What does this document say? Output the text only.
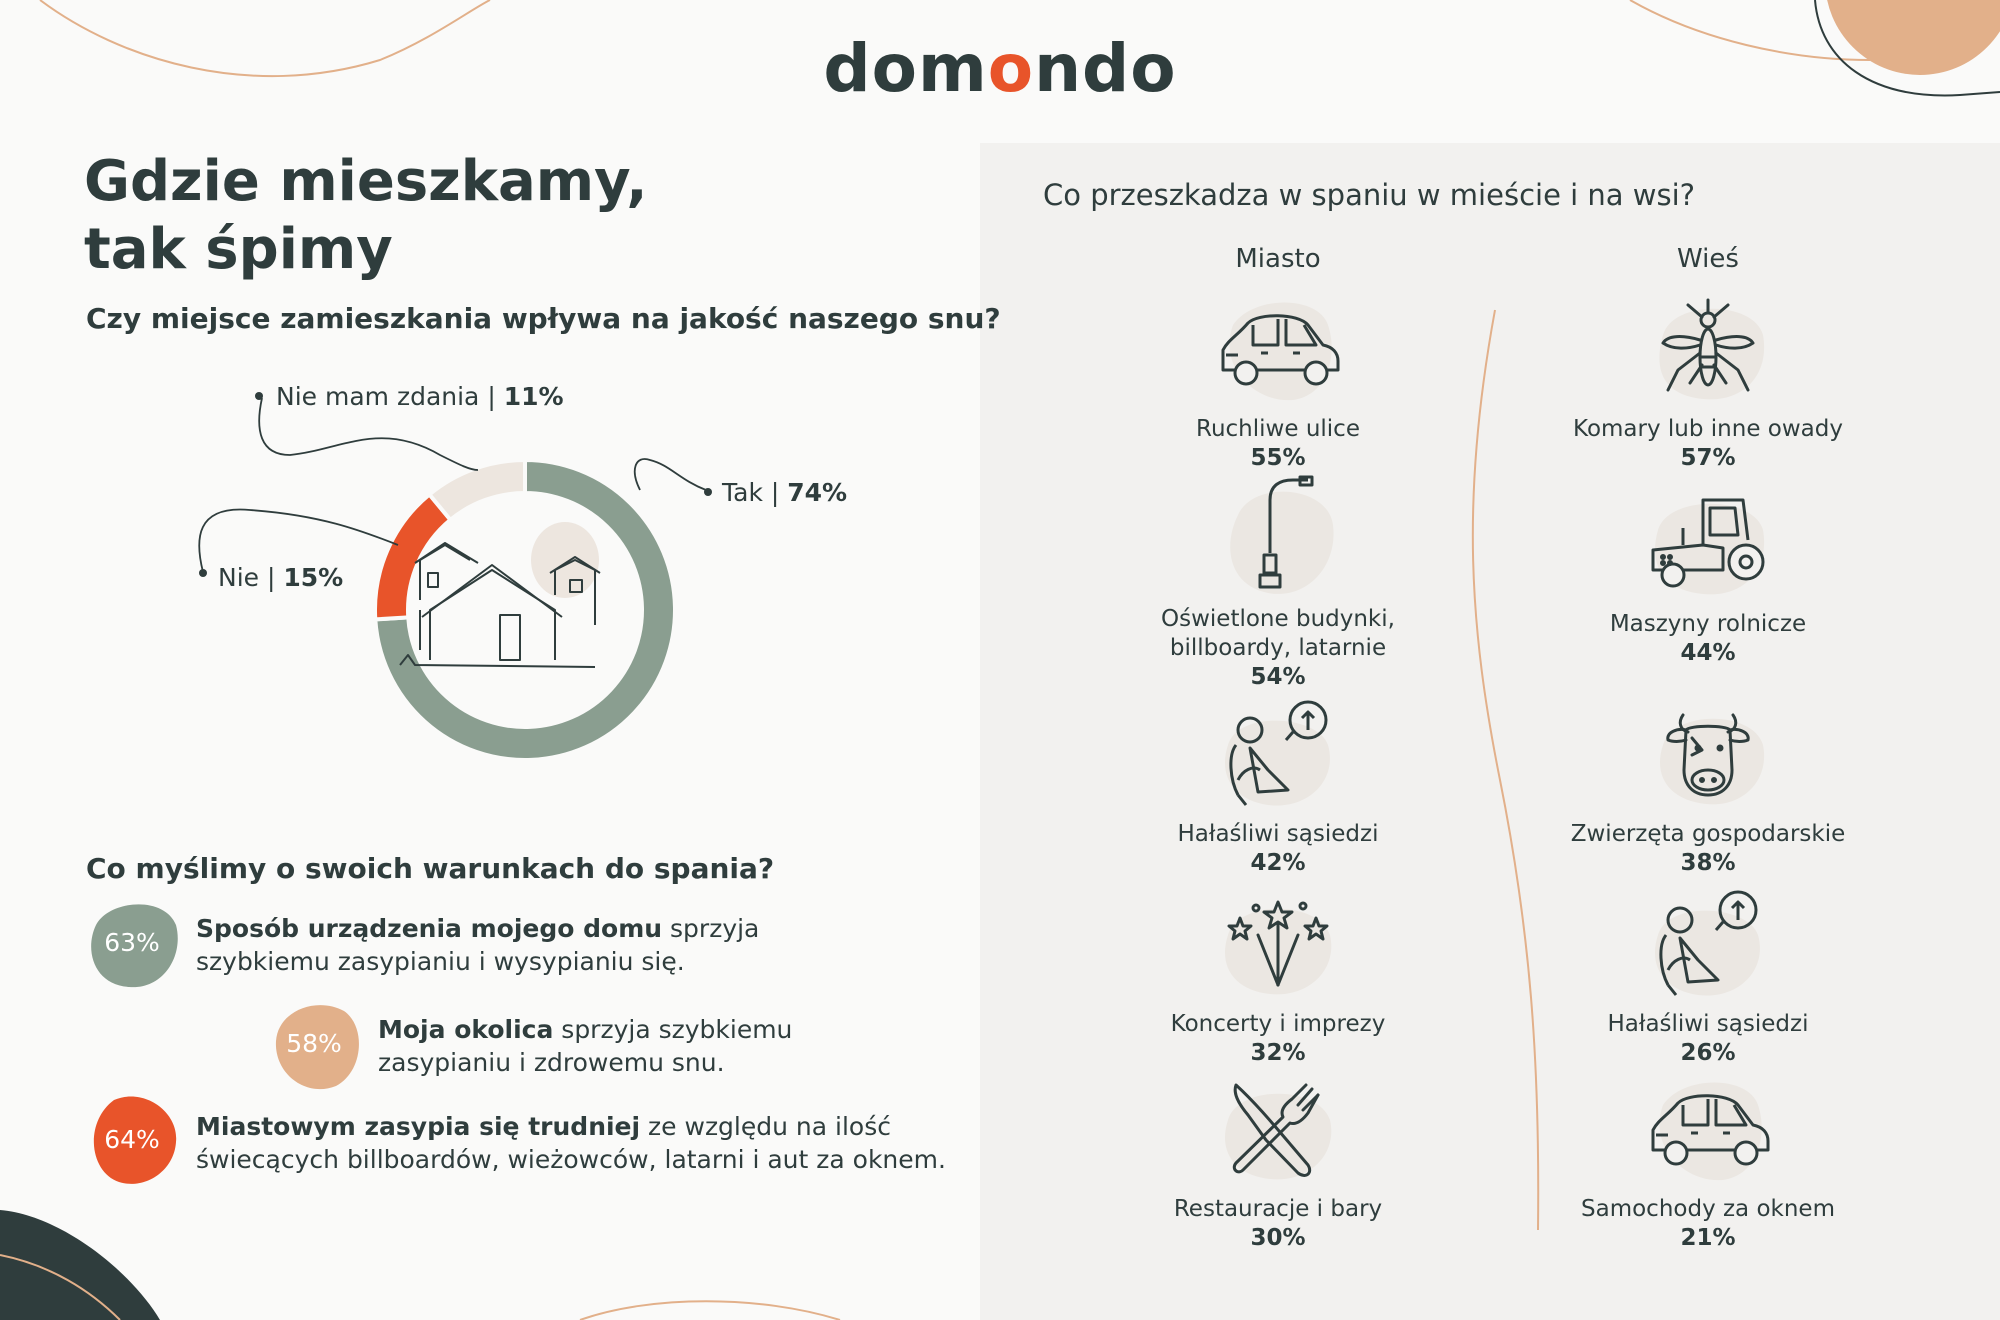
domondo
Gdzie mieszkamy,
tak śpimy
Czy miejsce zamieszkania wpływa na jakość naszego snu?
Tak | 74%
Nie mam zdania | 11%
Nie | 15%
Co myślimy o swoich warunkach do spania?
63%	Sposób urządzenia mojego domu sprzyja
szybkiemu zasypianiu i wysypianiu się.
58%	Moja okolica sprzyja szybkiemu
zasypianiu i zdrowemu snu.
64%	Miastowym zasypia się trudniej ze względu na ilość
świecących billboardów, wieżowców, latarni i aut za oknem.
Co przeszkadza w spaniu w mieście i na wsi?
Miasto	Wieś
Ruchliwe ulice
55%
Oświetlone budynki,
billboardy, latarnie
54%
Hałaśliwi sąsiedzi
42%
Koncerty i imprezy
32%
Restauracje i bary
30%
Komary lub inne owady
57%
Maszyny rolnicze
44%
Zwierzęta gospodarskie
38%
Hałaśliwi sąsiedzi
26%
Samochody za oknem
21%
